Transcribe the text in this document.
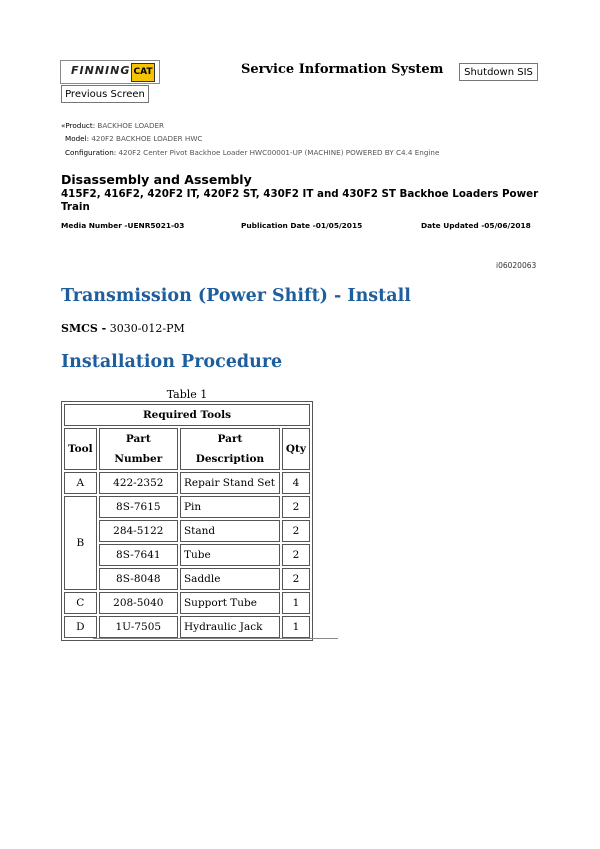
FINNING CAT	Service Information System	Shutdown SIS
Previous Screen
«Product: BACKHOE LOADER
Model: 420F2 BACKHOE LOADER HWC
Configuration: 420F2 Center Pivot Backhoe Loader HWC00001-UP (MACHINE) POWERED BY C4.4 Engine
Disassembly and Assembly
415F2, 416F2, 420F2 IT, 420F2 ST, 430F2 IT and 430F2 ST Backhoe Loaders Power Train
Media Number -UENR5021-03	Publication Date -01/05/2015	Date Updated -05/06/2018
i06020063
Transmission (Power Shift) - Install
SMCS - 3030-012-PM
Installation Procedure
Table 1
Required Tools			
Tool	Part Number	Part Description	Qty
A	422-2352	Repair Stand Set	4
B	8S-7615	Pin	2
	284-5122	Stand	2
	8S-7641	Tube	2
	8S-8048	Saddle	2
C	208-5040	Support Tube	1
D	1U-7505	Hydraulic Jack	1
